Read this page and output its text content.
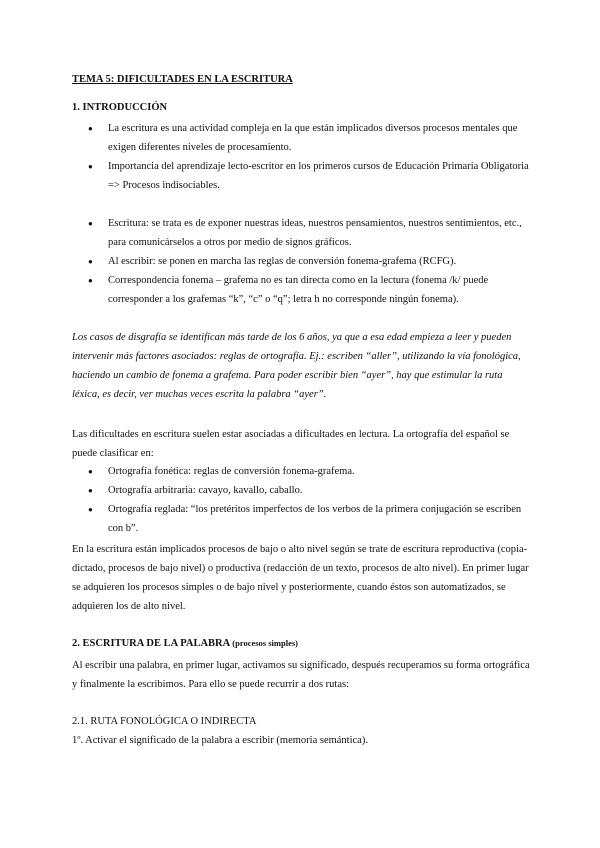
TEMA 5: DIFICULTADES EN LA ESCRITURA
1. INTRODUCCIÓN
● La escritura es una actividad compleja en la que están implicados diversos procesos mentales que exigen diferentes niveles de procesamiento.
● Importancia del aprendizaje lecto-escritor en los primeros cursos de Educación Primaria Obligatoria => Procesos indisociables.
● Escritura: se trata es de exponer nuestras ideas, nuestros pensamientos, nuestros sentimientos, etc., para comunicárselos a otros por medio de signos gráficos.
● Al escribir: se ponen en marcha las reglas de conversión fonema-grafema (RCFG).
● Correspondencia fonema – grafema no es tan directa como en la lectura (fonema /k/ puede corresponder a los grafemas “k”, “c” o “q”; letra h no corresponde ningún fonema).

Los casos de disgrafía se identifican más tarde de los 6 años, ya que a esa edad empieza a leer y pueden intervenir más factores asociados: reglas de ortografía. Ej.: escriben “aller”, utilizando la vía fonológica, haciendo un cambio de fonema a grafema. Para poder escribir bien “ayer”, hay que estimular la ruta léxica, es decir, ver muchas veces escrita la palabra “ayer”.

Las dificultades en escritura suelen estar asociadas a dificultades en lectura. La ortografía del español se puede clasificar en:

● Ortografía fonética: reglas de conversión fonema-grafema.
● Ortografía arbitraria: cavayo, kavallo, caballo.
● Ortografía reglada: “los pretéritos imperfectos de los verbos de la primera conjugación se escriben con b”.

En la escritura están implicados procesos de bajo o alto nivel según se trate de escritura reproductiva (copia-dictado, procesos de bajo nivel) o productiva (redacción de un texto, procesos de alto nivel). En primer lugar se adquieren los procesos simples o de bajo nivel y posteriormente, cuando éstos son automatizados, se adquieren los de alto nivel.

2. ESCRITURA DE LA PALABRA (procesos simples)

Al escribir una palabra, en primer lugar, activamos su significado, después recuperamos su forma ortográfica y finalmente la escribimos. Para ello se puede recurrir a dos rutas:

2.1. RUTA FONOLÓGICA O INDIRECTA

1º. Activar el significado de la palabra a escribir (memoria semántica).
